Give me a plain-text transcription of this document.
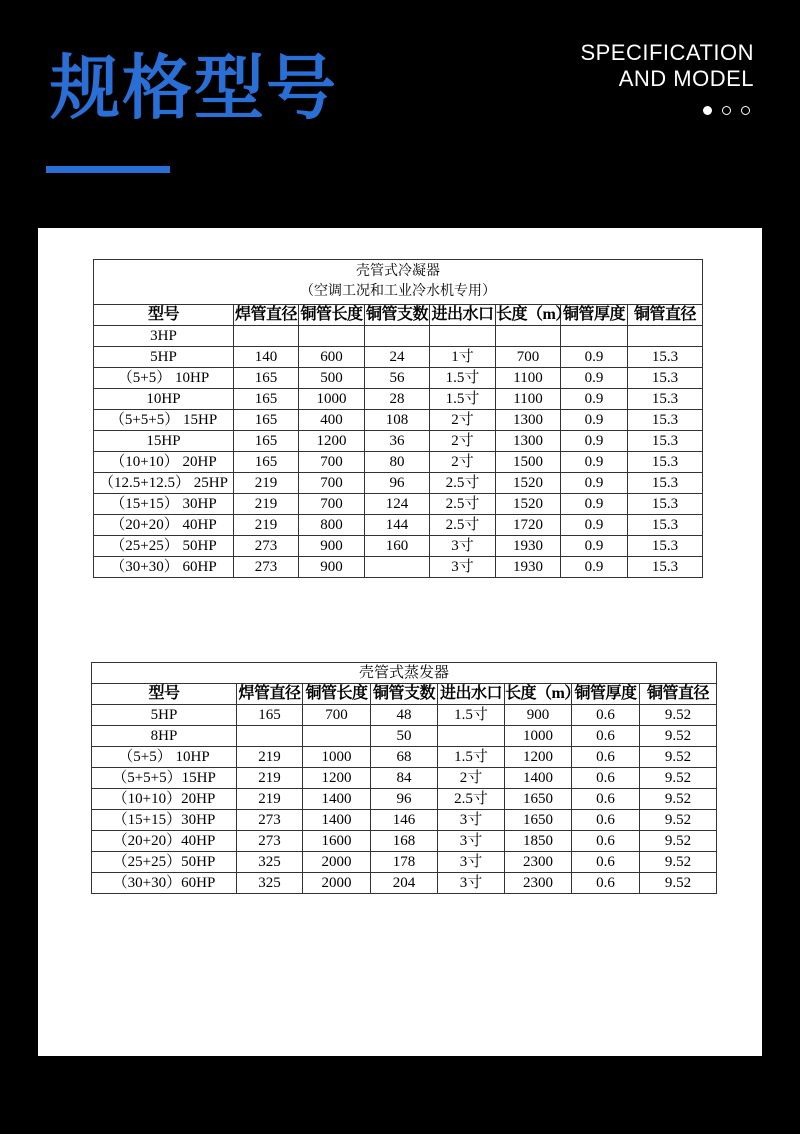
规格型号	SPECIFICATION
AND MODEL
壳管式冷凝器
（空调工况和工业冷水机专用）							

型号	焊管直径	铜管长度	铜管支数	进出水口	长度（m）	铜管厚度	铜管直径
3HP							
5HP	140	600	24	1寸	700	0.9	15.3
（5+5） 10HP	165	500	56	1.5寸	1100	0.9	15.3
10HP	165	1000	28	1.5寸	1100	0.9	15.3
（5+5+5） 15HP	165	400	108	2寸	1300	0.9	15.3
15HP	165	1200	36	2寸	1300	0.9	15.3
（10+10） 20HP	165	700	80	2寸	1500	0.9	15.3
（12.5+12.5） 25HP	219	700	96	2.5寸	1520	0.9	15.3
（15+15） 30HP	219	700	124	2.5寸	1520	0.9	15.3
（20+20） 40HP	219	800	144	2.5寸	1720	0.9	15.3
（25+25） 50HP	273	900	160	3寸	1930	0.9	15.3
（30+30） 60HP	273	900		3寸	1930	0.9	15.3
壳管式蒸发器							
型号	焊管直径	铜管长度	铜管支数	进出水口	长度（m）	铜管厚度	铜管直径
5HP	165	700	48	1.5寸	900	0.6	9.52
8HP			50		1000	0.6	9.52
（5+5） 10HP	219	1000	68	1.5寸	1200	0.6	9.52
（5+5+5）15HP	219	1200	84	2寸	1400	0.6	9.52
（10+10）20HP	219	1400	96	2.5寸	1650	0.6	9.52
（15+15）30HP	273	1400	146	3寸	1650	0.6	9.52
（20+20）40HP	273	1600	168	3寸	1850	0.6	9.52
（25+25）50HP	325	2000	178	3寸	2300	0.6	9.52
（30+30）60HP	325	2000	204	3寸	2300	0.6	9.52
